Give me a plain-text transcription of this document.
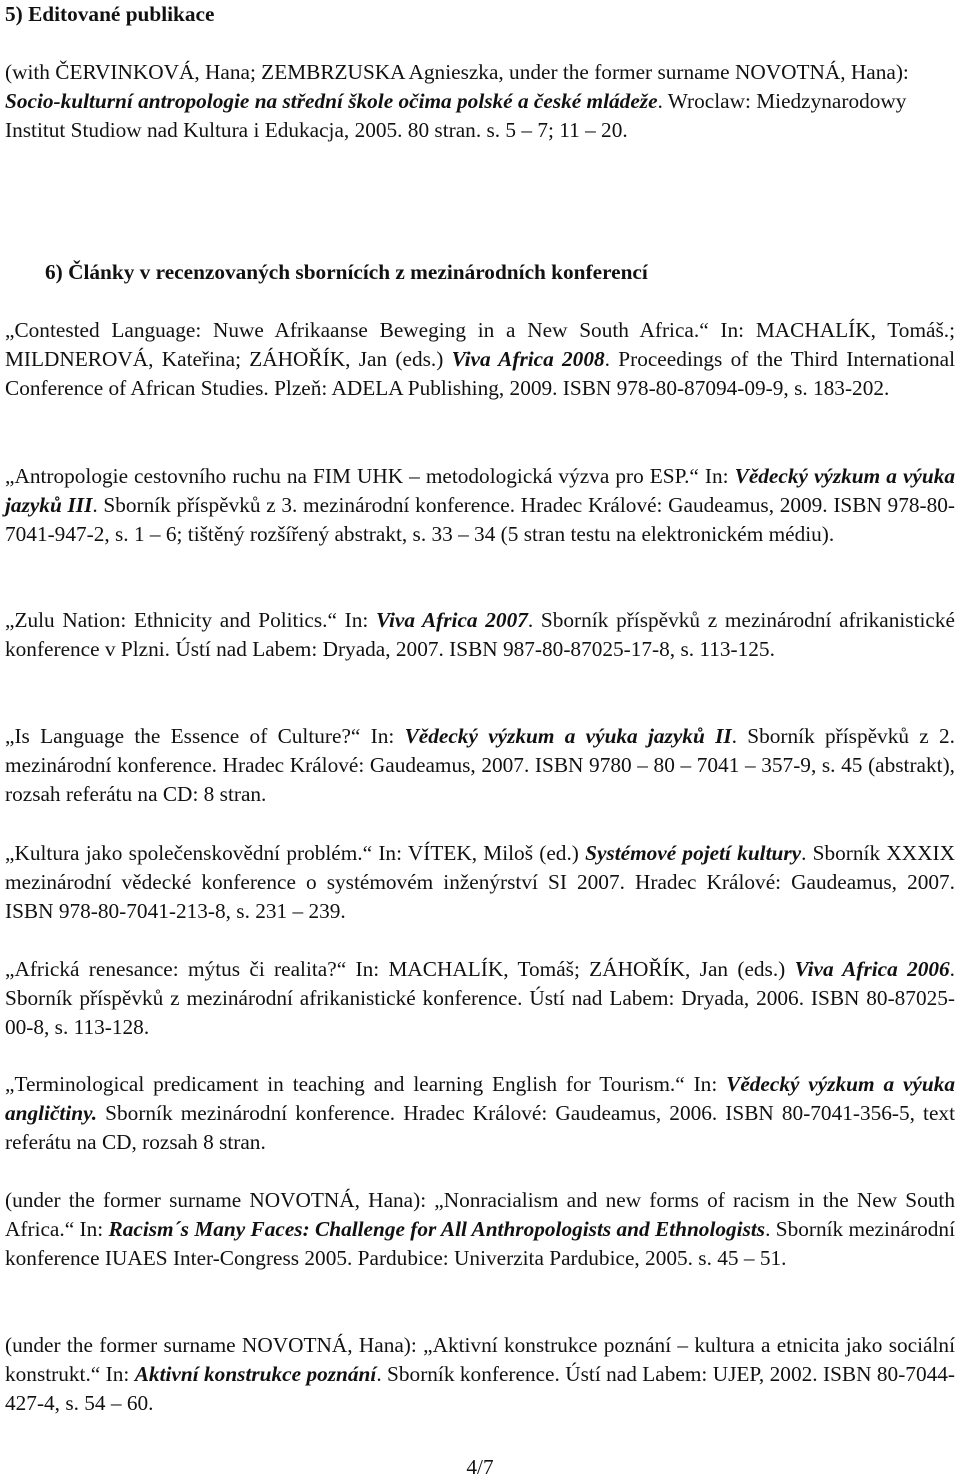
5) Editované publikace

(with ČERVINKOVÁ, Hana; ZEMBRZUSKA Agnieszka, under the former surname NOVOTNÁ, Hana): Socio-kulturní antropologie na střední škole očima polské a české mládeže. Wroclaw: Miedzynarodowy Institut Studiow nad Kultura i Edukacja, 2005. 80 stran. s. 5 – 7; 11 – 20.

6) Články v recenzovaných sbornících z mezinárodních konferencí

„Contested Language: Nuwe Afrikaanse Beweging in a New South Africa.“ In: MACHALÍK, Tomáš.; MILDNEROVÁ, Kateřina; ZÁHOŘÍK, Jan (eds.) Viva Africa 2008. Proceedings of the Third International Conference of African Studies. Plzeň: ADELA Publishing, 2009. ISBN 978-80-87094-09-9, s. 183-202.

„Antropologie cestovního ruchu na FIM UHK – metodologická výzva pro ESP.“ In: Vědecký výzkum a výuka jazyků III. Sborník příspěvků z 3. mezinárodní konference. Hradec Králové: Gaudeamus, 2009. ISBN 978-80-7041-947-2, s. 1 – 6; tištěný rozšířený abstrakt, s. 33 – 34 (5 stran testu na elektronickém médiu).

„Zulu Nation: Ethnicity and Politics.“ In: Viva Africa 2007. Sborník příspěvků z mezinárodní afrikanistické konference v Plzni. Ústí nad Labem: Dryada, 2007. ISBN 987-80-87025-17-8, s. 113-125.

„Is Language the Essence of Culture?“ In: Vědecký výzkum a výuka jazyků II. Sborník příspěvků z 2. mezinárodní konference. Hradec Králové: Gaudeamus, 2007. ISBN 9780 – 80 – 7041 – 357-9, s. 45 (abstrakt), rozsah referátu na CD: 8 stran.

„Kultura jako společenskovědní problém.“ In: VÍTEK, Miloš (ed.) Systémové pojetí kultury. Sborník XXXIX mezinárodní vědecké konference o systémovém inženýrství SI 2007. Hradec Králové: Gaudeamus, 2007. ISBN 978-80-7041-213-8, s. 231 – 239.

„Africká renesance: mýtus či realita?“ In: MACHALÍK, Tomáš; ZÁHOŘÍK, Jan (eds.) Viva Africa 2006. Sborník příspěvků z mezinárodní afrikanistické konference. Ústí nad Labem: Dryada, 2006. ISBN 80-87025-00-8, s. 113-128.

„Terminological predicament in teaching and learning English for Tourism.“ In: Vědecký výzkum a výuka angličtiny. Sborník mezinárodní konference. Hradec Králové: Gaudeamus, 2006. ISBN 80-7041-356-5, text referátu na CD, rozsah 8 stran.

(under the former surname NOVOTNÁ, Hana): „Nonracialism and new forms of racism in the New South Africa.“ In: Racism´s Many Faces: Challenge for All Anthropologists and Ethnologists. Sborník mezinárodní konference IUAES Inter-Congress 2005. Pardubice: Univerzita Pardubice, 2005. s. 45 – 51.

(under the former surname NOVOTNÁ, Hana): „Aktivní konstrukce poznání – kultura a etnicita jako sociální konstrukt.“ In: Aktivní konstrukce poznání. Sborník konference. Ústí nad Labem: UJEP, 2002. ISBN 80-7044-427-4, s. 54 – 60.

4/7
